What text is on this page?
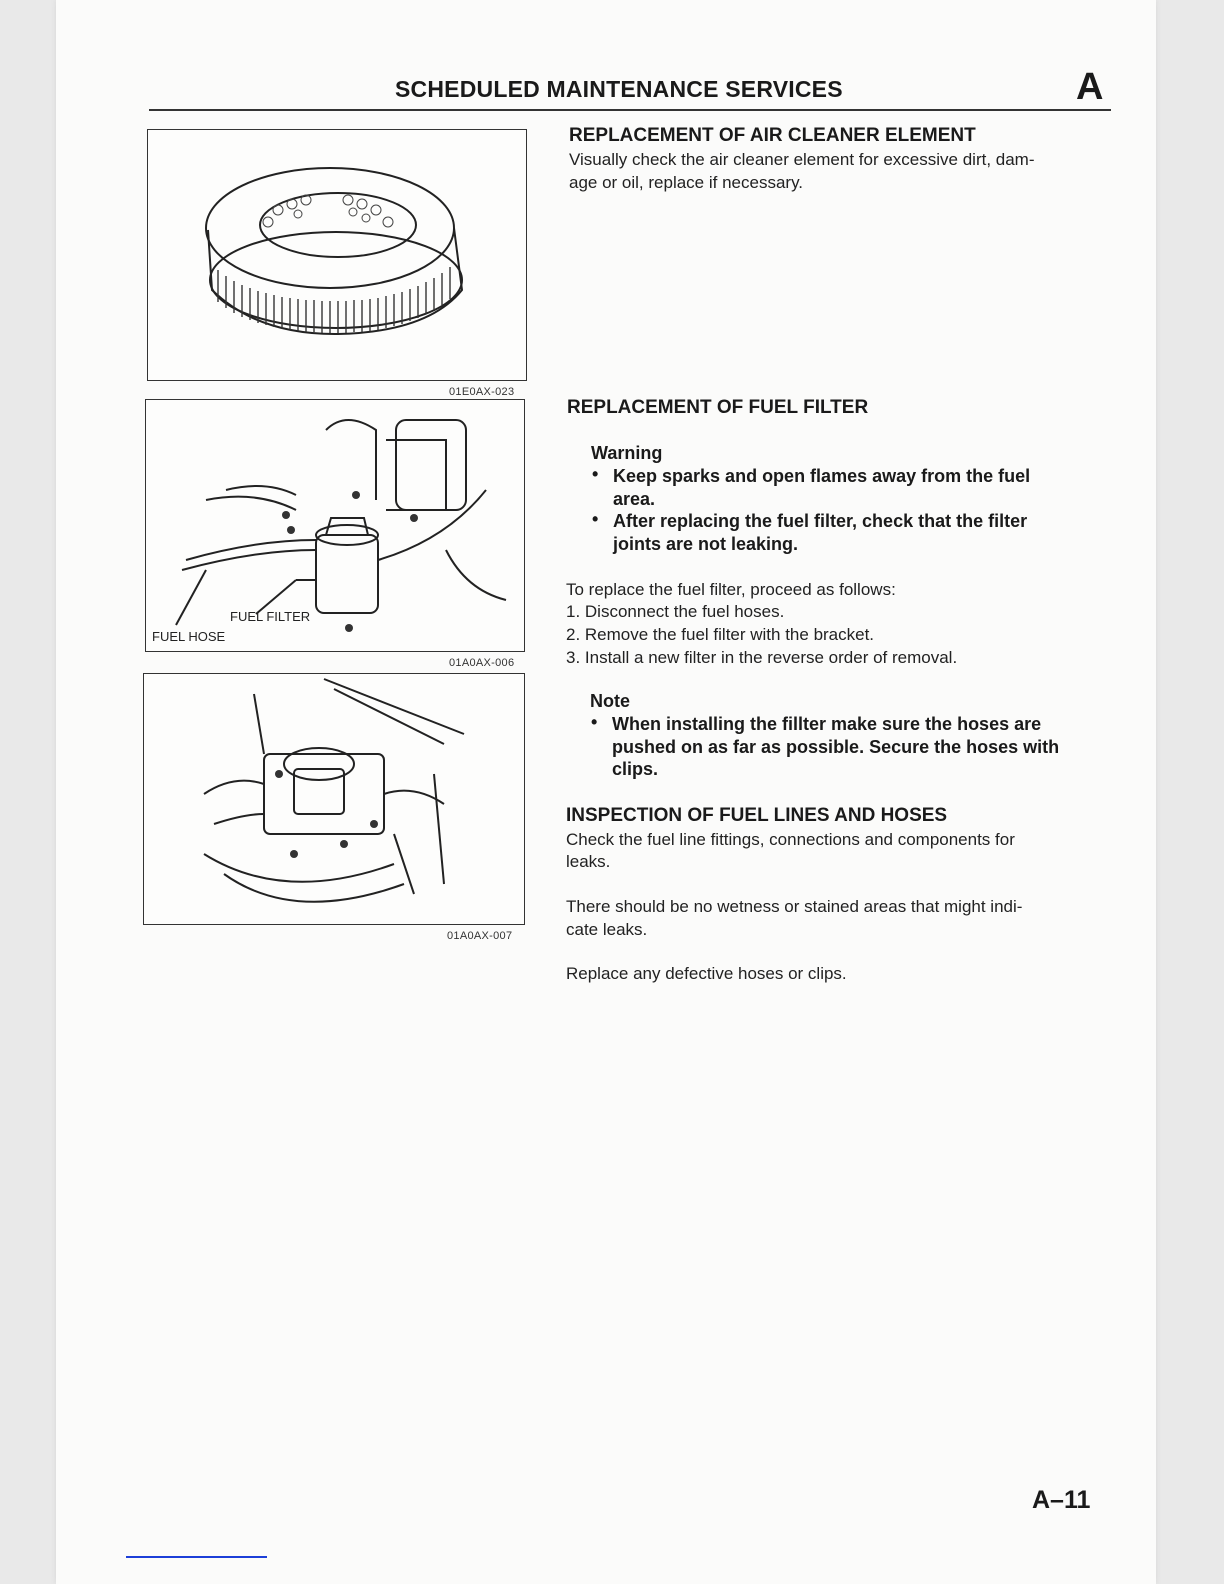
SCHEDULED MAINTENANCE SERVICES	A
01E0AX-023
FUEL FILTER
FUEL HOSE
01A0AX-006
01A0AX-007
REPLACEMENT OF AIR CLEANER ELEMENT
Visually check the air cleaner element for excessive dirt, dam-
age or oil, replace if necessary.
REPLACEMENT OF FUEL FILTER
Warning
• Keep sparks and open flames away from the fuel
area.
• After replacing the fuel filter, check that the filter
joints are not leaking.
To replace the fuel filter, proceed as follows:
1. Disconnect the fuel hoses.
2. Remove the fuel filter with the bracket.
3. Install a new filter in the reverse order of removal.
Note
• When installing the fillter make sure the hoses are
pushed on as far as possible. Secure the hoses with
clips.
INSPECTION OF FUEL LINES AND HOSES
Check the fuel line fittings, connections and components for
leaks.
There should be no wetness or stained areas that might indi-
cate leaks.
Replace any defective hoses or clips.
A–11
